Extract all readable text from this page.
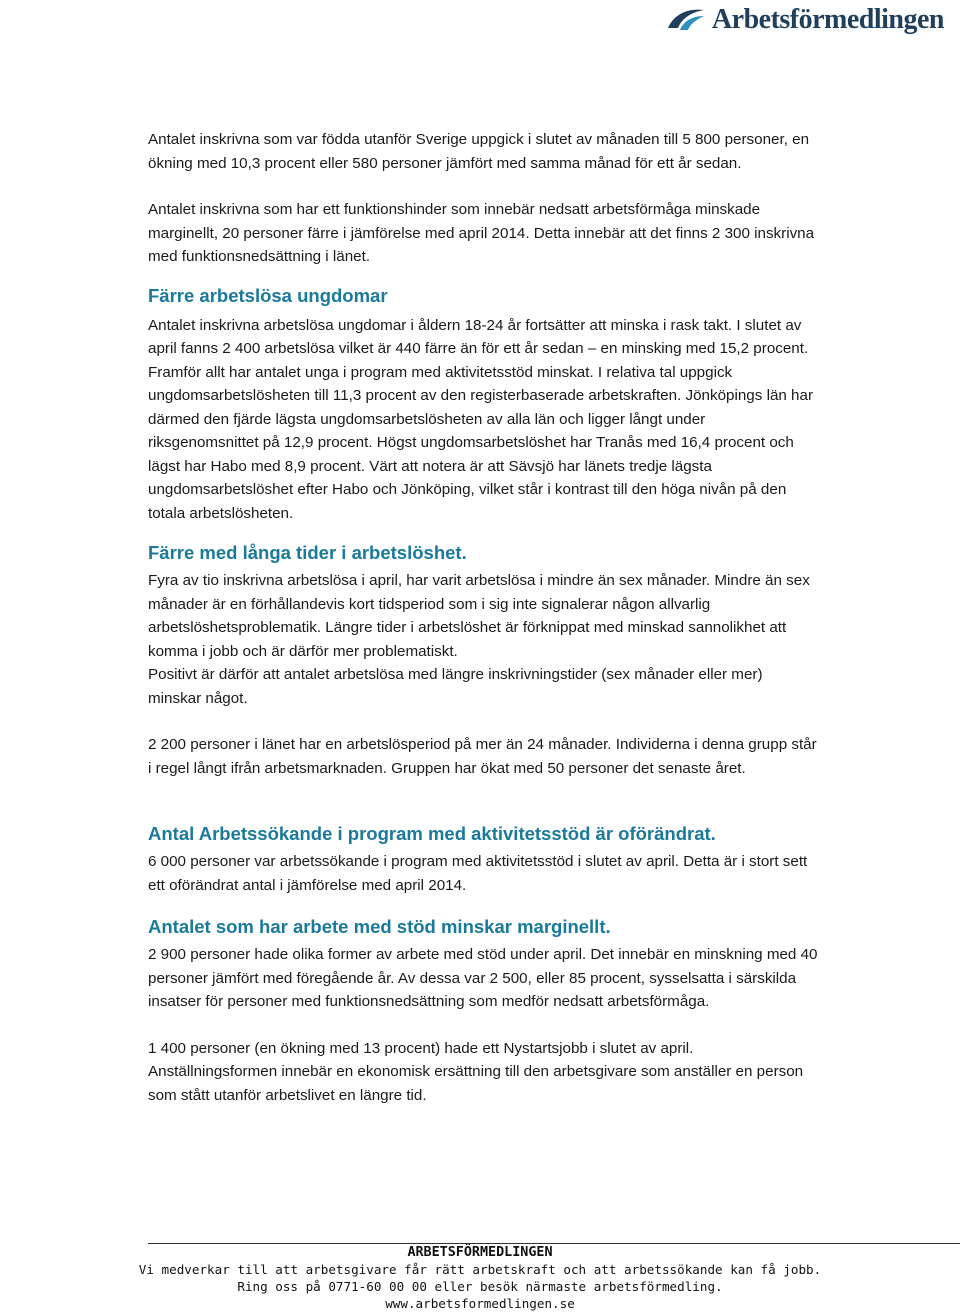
Arbetsförmedlingen

Antalet inskrivna som var födda utanför Sverige uppgick i slutet av månaden till 5 800 personer, en ökning med 10,3 procent eller 580 personer jämfört med samma månad för ett år sedan.

Antalet inskrivna som har ett funktionshinder som innebär nedsatt arbetsförmåga minskade marginellt, 20 personer färre i jämförelse med april 2014. Detta innebär att det finns 2 300 inskrivna med funktionsnedsättning i länet.

Färre arbetslösa ungdomar

Antalet inskrivna arbetslösa ungdomar i åldern 18-24 år fortsätter att minska i rask takt. I slutet av april fanns 2 400 arbetslösa vilket är 440 färre än för ett år sedan – en minsking med 15,2 procent. Framför allt har antalet unga i program med aktivitetsstöd minskat. I relativa tal uppgick ungdomsarbetslösheten till 11,3 procent av den registerbaserade arbetskraften. Jönköpings län har därmed den fjärde lägsta ungdomsarbetslösheten av alla län och ligger långt under riksgenomsnittet på 12,9 procent. Högst ungdomsarbetslöshet har Tranås med 16,4 procent och lägst har Habo med 8,9 procent. Värt att notera är att Sävsjö har länets tredje lägsta ungdomsarbetslöshet efter Habo och Jönköping, vilket står i kontrast till den höga nivån på den totala arbetslösheten.

Färre med långa tider i arbetslöshet.

Fyra av tio inskrivna arbetslösa i april, har varit arbetslösa i mindre än sex månader. Mindre än sex månader är en förhållandevis kort tidsperiod som i sig inte signalerar någon allvarlig arbetslöshetsproblematik. Längre tider i arbetslöshet är förknippat med minskad sannolikhet att komma i jobb och är därför mer problematiskt.

Positivt är därför att antalet arbetslösa med längre inskrivningstider (sex månader eller mer) minskar något.

2 200 personer i länet har en arbetslösperiod på mer än 24 månader. Individerna i denna grupp står i regel långt ifrån arbetsmarknaden. Gruppen har ökat med 50 personer det senaste året.

Antal Arbetssökande i program med aktivitetsstöd är oförändrat.

6 000 personer var arbetssökande i program med aktivitetsstöd i slutet av april. Detta är i stort sett ett oförändrat antal i jämförelse med april 2014.

Antalet som har arbete med stöd minskar marginellt.

2 900 personer hade olika former av arbete med stöd under april. Det innebär en minskning med 40 personer jämfört med föregående år. Av dessa var 2 500, eller 85 procent, sysselsatta i särskilda insatser för personer med funktionsnedsättning som medför nedsatt arbetsförmåga.

1 400 personer (en ökning med 13 procent) hade ett Nystartsjobb i slutet av april. Anställningsformen innebär en ekonomisk ersättning till den arbetsgivare som anställer en person som stått utanför arbetslivet en längre tid.

ARBETSFÖRMEDLINGEN
Vi medverkar till att arbetsgivare får rätt arbetskraft och att arbetssökande kan få jobb.
Ring oss på 0771-60 00 00 eller besök närmaste arbetsförmedling.
www.arbetsformedlingen.se
